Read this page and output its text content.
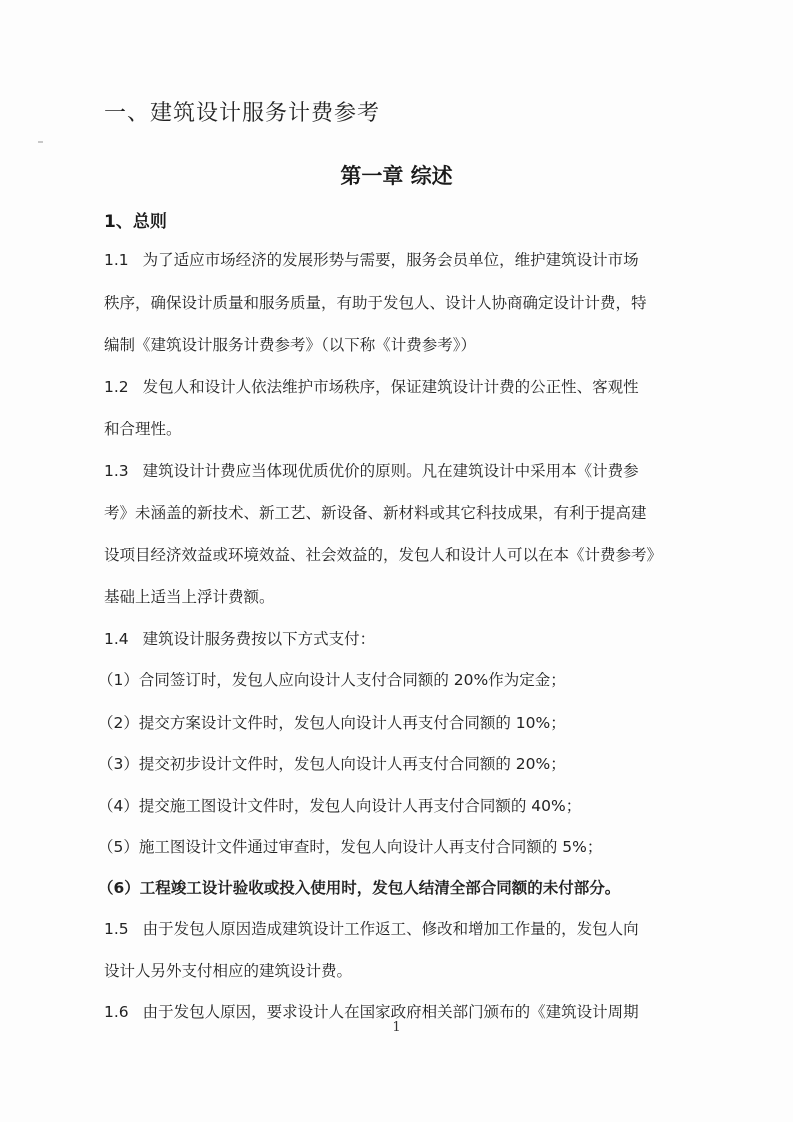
一、建筑设计服务计费参考
第一章 综述
1、总则
1.1 为了适应市场经济的发展形势与需要，服务会员单位，维护建筑设计市场
秩序，确保设计质量和服务质量，有助于发包人、设计人协商确定设计计费，特
编制《建筑设计服务计费参考》（以下称《计费参考》）
1.2 发包人和设计人依法维护市场秩序，保证建筑设计计费的公正性、客观性
和合理性。
1.3 建筑设计计费应当体现优质优价的原则。凡在建筑设计中采用本《计费参
考》未涵盖的新技术、新工艺、新设备、新材料或其它科技成果，有利于提高建
设项目经济效益或环境效益、社会效益的，发包人和设计人可以在本《计费参考》
基础上适当上浮计费额。
1.4 建筑设计服务费按以下方式支付：
（1）合同签订时，发包人应向设计人支付合同额的 20%作为定金；
（2）提交方案设计文件时，发包人向设计人再支付合同额的 10%；
（3）提交初步设计文件时，发包人向设计人再支付合同额的 20%；
（4）提交施工图设计文件时，发包人向设计人再支付合同额的 40%；
（5）施工图设计文件通过审查时，发包人向设计人再支付合同额的 5%；
（6）工程竣工设计验收或投入使用时，发包人结清全部合同额的未付部分。
1.5 由于发包人原因造成建筑设计工作返工、修改和增加工作量的，发包人向
设计人另外支付相应的建筑设计费。
1.6 由于发包人原因，要求设计人在国家政府相关部门颁布的《建筑设计周期
1
